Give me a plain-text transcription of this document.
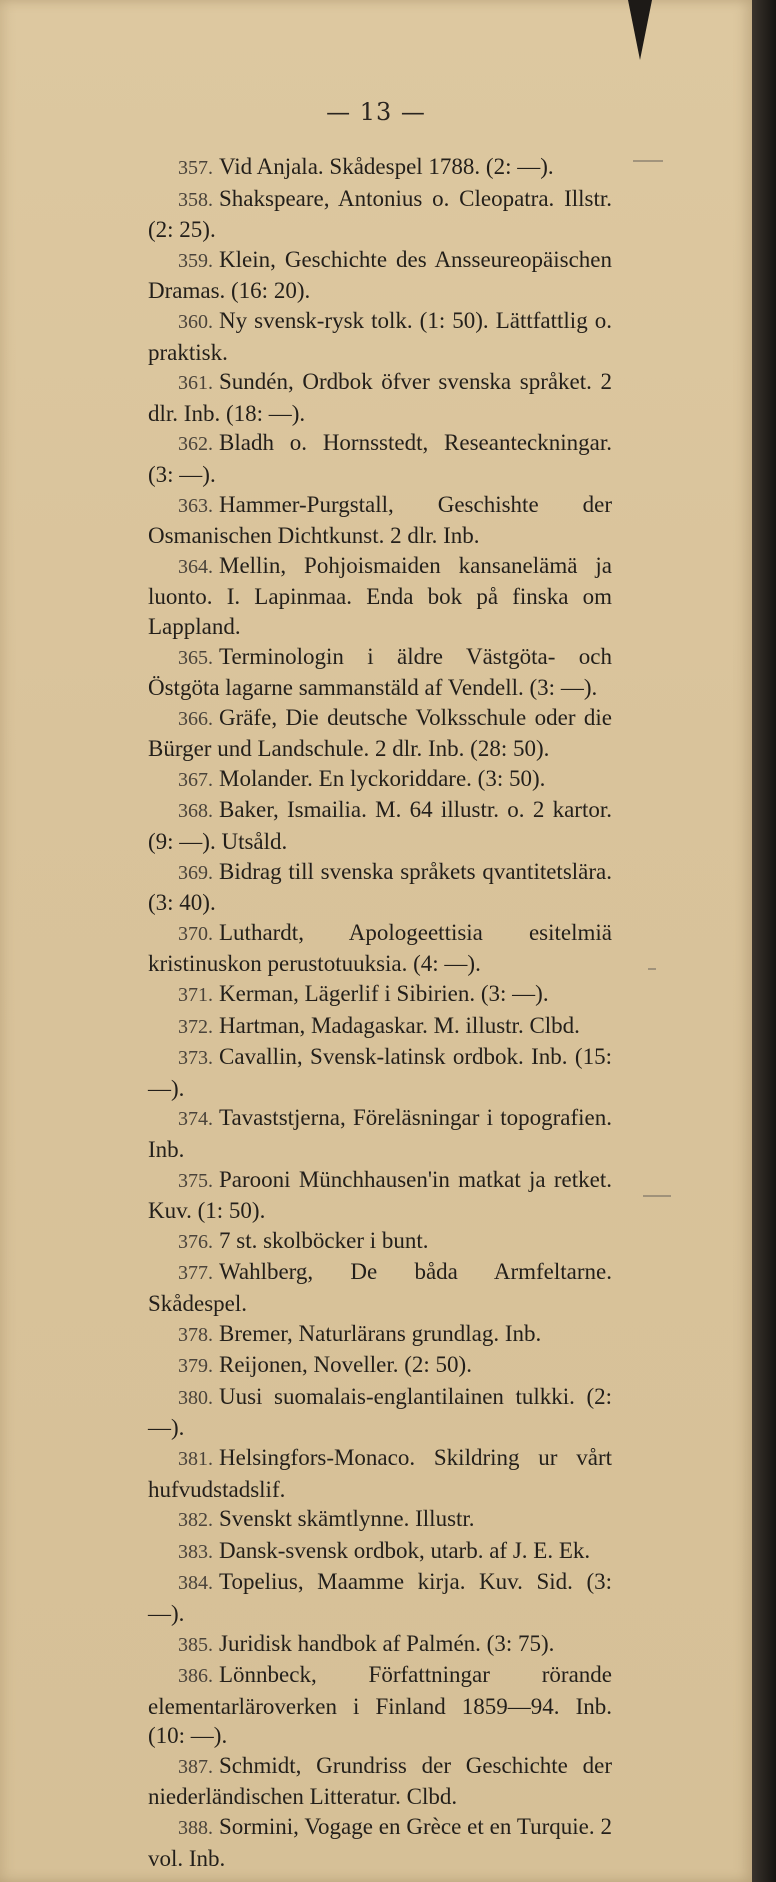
— 13 —

357. Vid Anjala. Skådespel 1788. (2: —).

358. Shakspeare, Antonius o. Cleopatra. Illstr. (2: 25).

359. Klein, Geschichte des Ansseureopäischen Dramas. (16: 20).

360. Ny svensk-rysk tolk. (1: 50). Lättfattlig o. praktisk.

361. Sundén, Ordbok öfver svenska språket. 2 dlr. Inb. (18: —).

362. Bladh o. Hornsstedt, Reseanteckningar. (3: —).

363. Hammer-Purgstall, Geschishte der Osmanischen Dichtkunst. 2 dlr. Inb.

364. Mellin, Pohjoismaiden kansanelämä ja luonto. I. Lapinmaa. Enda bok på finska om Lappland.

365. Terminologin i äldre Västgöta- och Östgöta lagarne sammanstäld af Vendell. (3: —).

366. Gräfe, Die deutsche Volksschule oder die Bürger und Landschule. 2 dlr. Inb. (28: 50).

367. Molander. En lyckoriddare. (3: 50).

368. Baker, Ismailia. M. 64 illustr. o. 2 kartor. (9: —). Utsåld.

369. Bidrag till svenska språkets qvantitetslära. (3: 40).

370. Luthardt, Apologeettisia esitelmiä kristinuskon perustotuuksia. (4: —).

371. Kerman, Lägerlif i Sibirien. (3: —).

372. Hartman, Madagaskar. M. illustr. Clbd.

373. Cavallin, Svensk-latinsk ordbok. Inb. (15: —).

374. Tavaststjerna, Föreläsningar i topografien. Inb.

375. Parooni Münchhausen'in matkat ja retket. Kuv. (1: 50).

376. 7 st. skolböcker i bunt.

377. Wahlberg, De båda Armfeltarne. Skådespel.

378. Bremer, Naturlärans grundlag. Inb.

379. Reijonen, Noveller. (2: 50).

380. Uusi suomalais-englantilainen tulkki. (2: —).

381. Helsingfors-Monaco. Skildring ur vårt hufvudstadslif.

382. Svenskt skämtlynne. Illustr.

383. Dansk-svensk ordbok, utarb. af J. E. Ek.

384. Topelius, Maamme kirja. Kuv. Sid. (3: —).

385. Juridisk handbok af Palmén. (3: 75).

386. Lönnbeck, Författningar rörande elementarläroverken i Finland 1859—94. Inb. (10: —).

387. Schmidt, Grundriss der Geschichte der niederländischen Litteratur. Clbd.

388. Sormini, Vogage en Grèce et en Turquie. 2 vol. Inb.
